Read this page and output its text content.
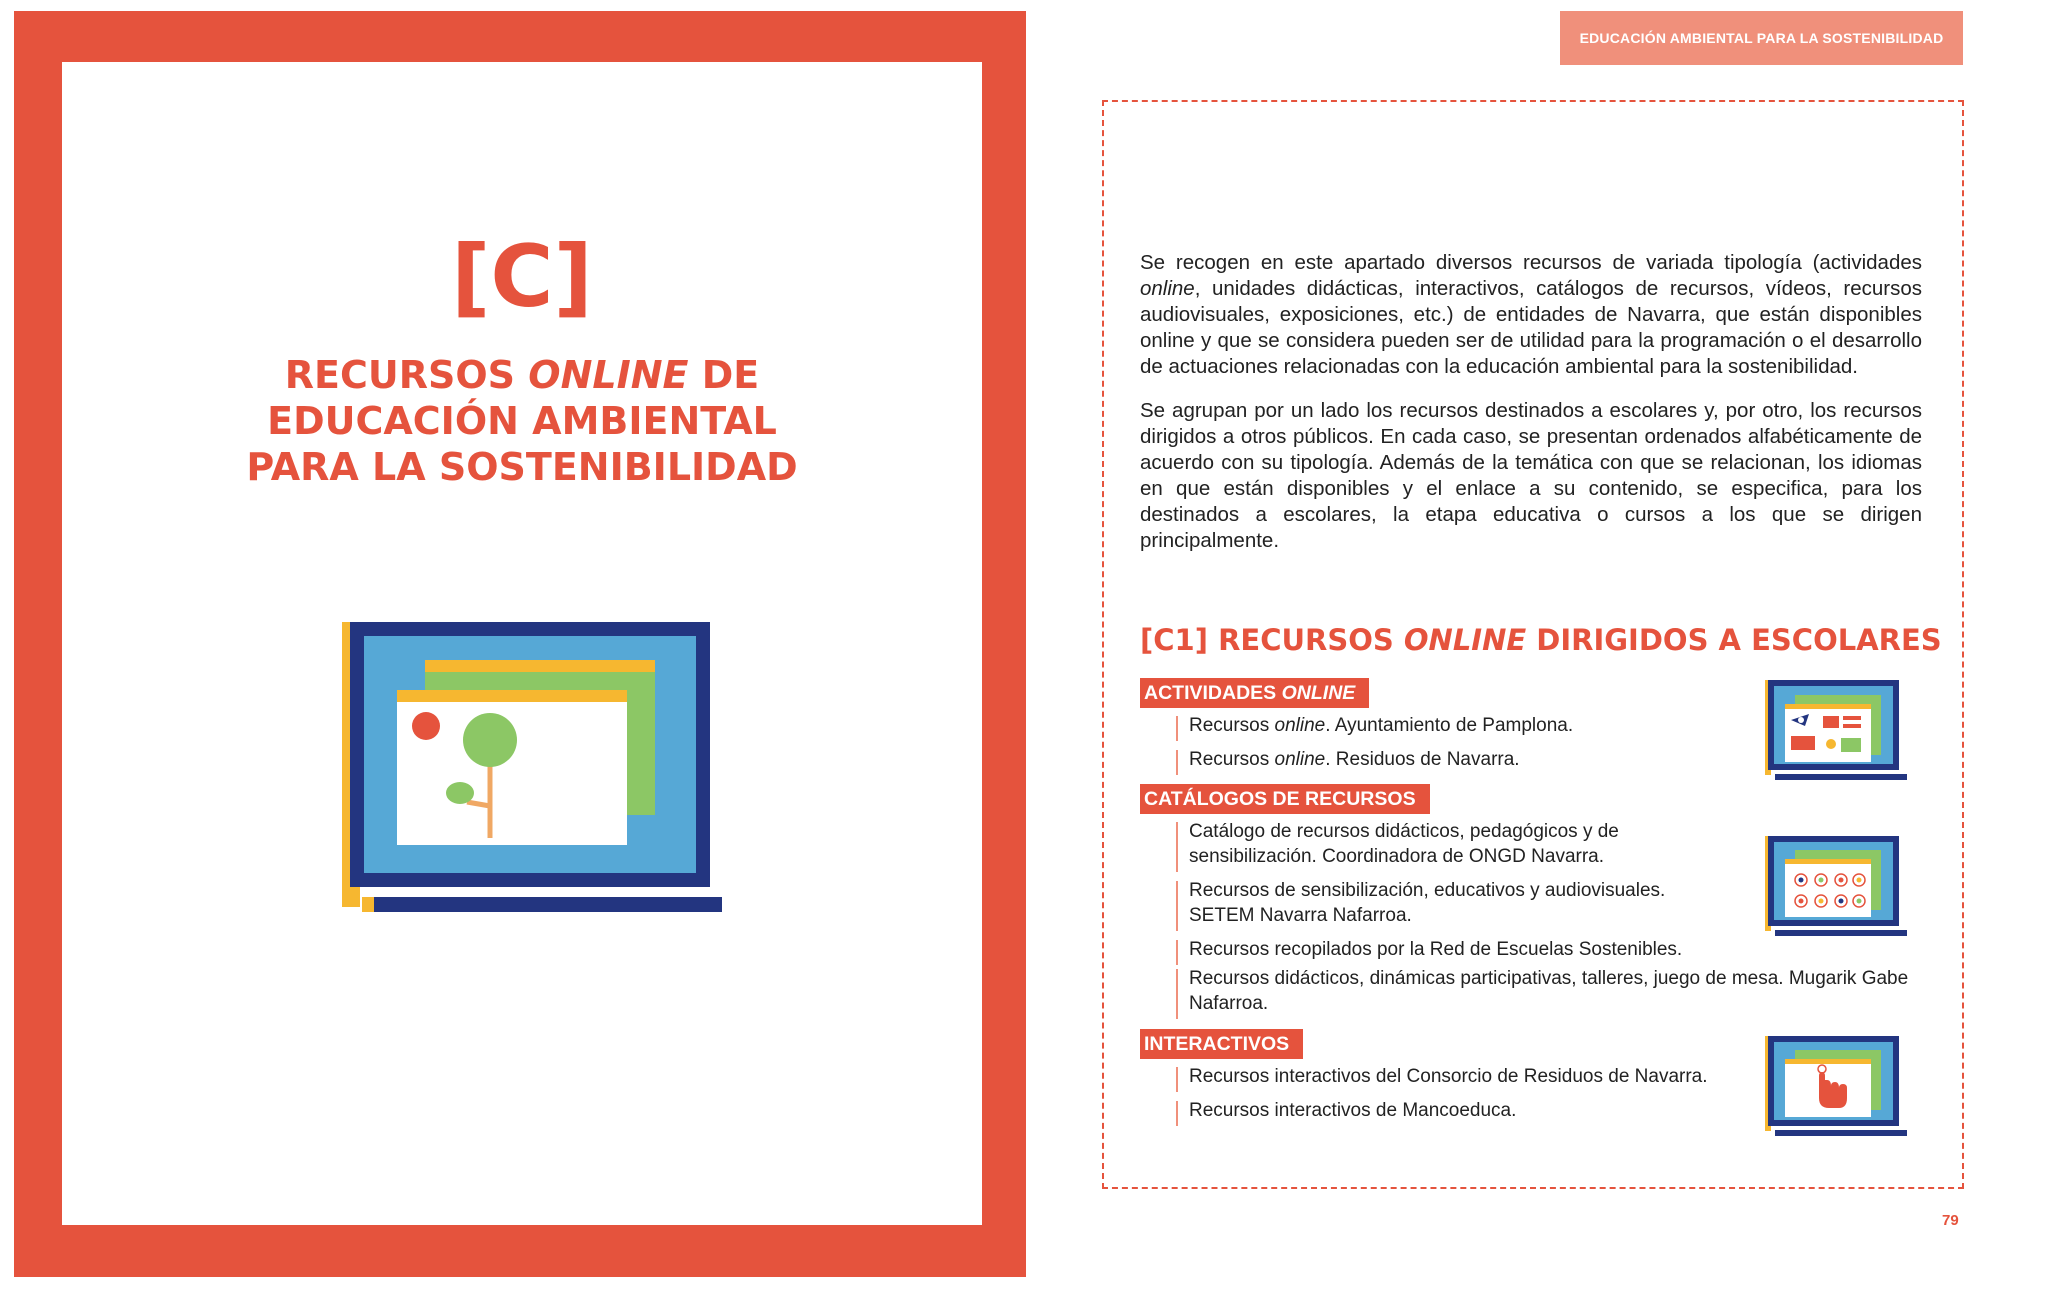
[C]
RECURSOS ONLINE DE
EDUCACIÓN AMBIENTAL
PARA LA SOSTENIBILIDAD
EDUCACIÓN AMBIENTAL PARA LA SOSTENIBILIDAD

Se recogen en este apartado diversos recursos de variada tipología (actividades online, unidades didácticas, interactivos, catálogos de recursos, vídeos, recursos audiovisuales, exposiciones, etc.) de entidades de Navarra, que están disponibles online y que se considera pueden ser de utilidad para la programación o el desarrollo de actuaciones relacionadas con la educación ambiental para la sostenibilidad.

Se agrupan por un lado los recursos destinados a escolares y, por otro, los recursos dirigidos a otros públicos. En cada caso, se presentan ordenados alfabéticamente de acuerdo con su tipología. Además de la temática con que se relacionan, los idiomas en que están disponibles y el enlace a su contenido, se especifica, para los destinados a escolares, la etapa educativa o cursos a los que se dirigen principalmente.

[C1] RECURSOS ONLINE DIRIGIDOS A ESCOLARES
ACTIVIDADES ONLINE
Recursos online. Ayuntamiento de Pamplona.
Recursos online. Residuos de Navarra.
CATÁLOGOS DE RECURSOS
Catálogo de recursos didácticos, pedagógicos y de sensibilización. Coordinadora de ONGD Navarra.
Recursos de sensibilización, educativos y audiovisuales. SETEM Navarra Nafarroa.
Recursos recopilados por la Red de Escuelas Sostenibles.
Recursos didácticos, dinámicas participativas, talleres, juego de mesa. Mugarik Gabe Nafarroa.
INTERACTIVOS
Recursos interactivos del Consorcio de Residuos de Navarra.
Recursos interactivos de Mancoeduca.
79
